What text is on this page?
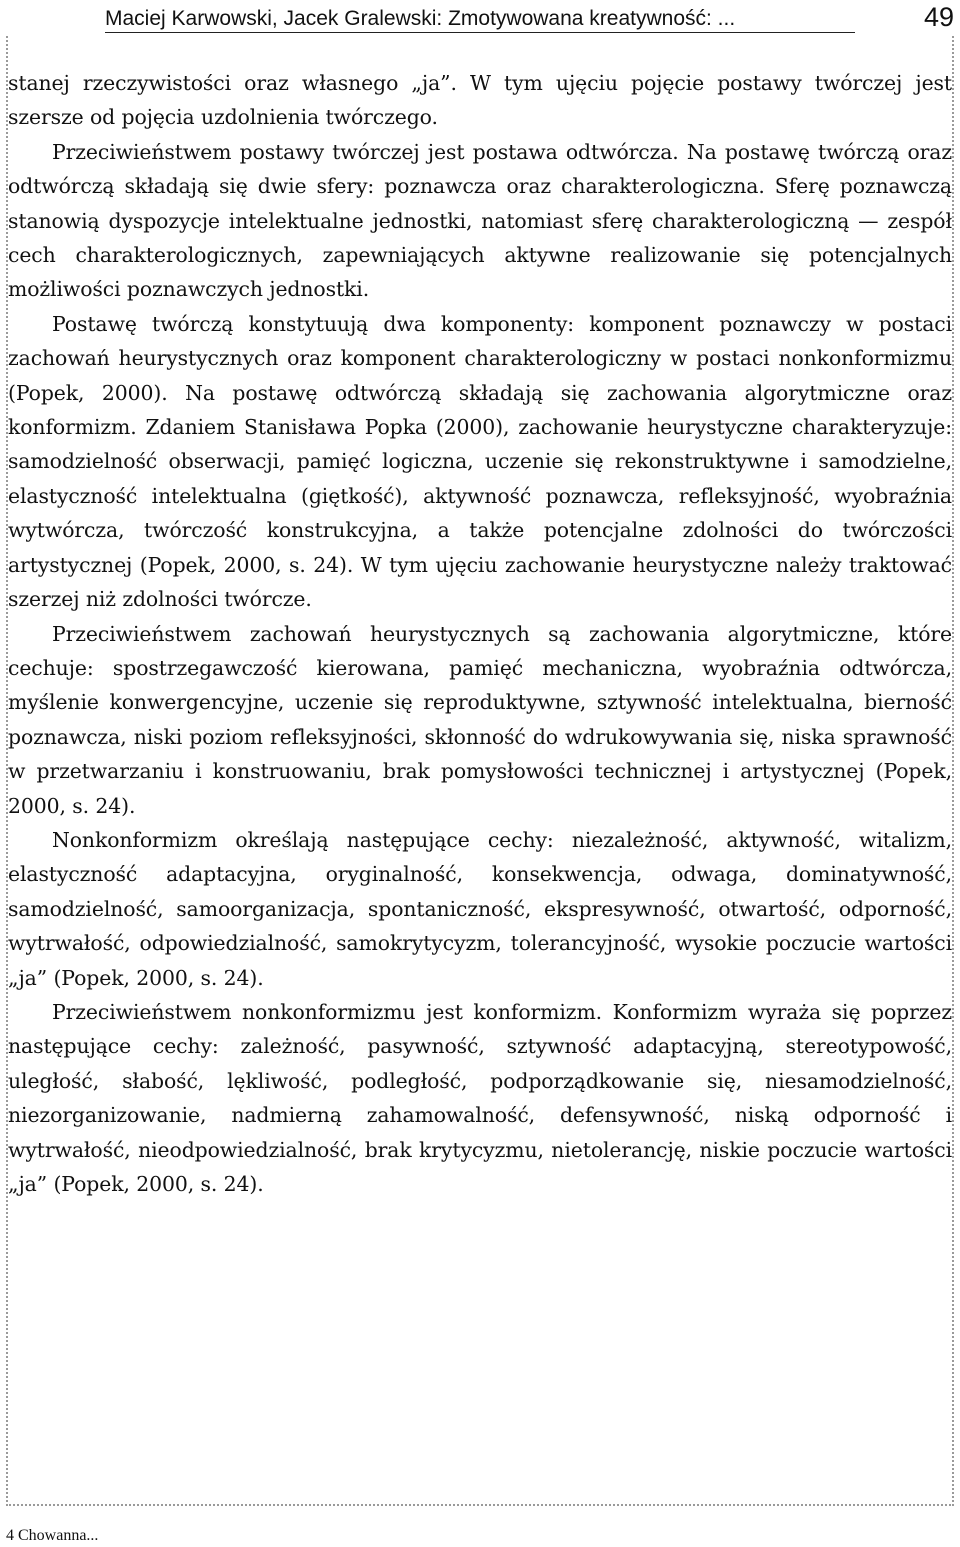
Maciej Karwowski, Jacek Gralewski: Zmotywowana kreatywność: ...	49

stanej rzeczywistości oraz własnego „ja”. W tym ujęciu pojęcie postawy twórczej jest szersze od pojęcia uzdolnienia twórczego.

Przeciwieństwem postawy twórczej jest postawa odtwórcza. Na postawę twórczą oraz odtwórczą składają się dwie sfery: poznawcza oraz charakterologiczna. Sferę poznawczą stanowią dyspozycje intelektualne jednostki, natomiast sferę charakterologiczną — zespół cech charakterologicznych, zapewniających aktywne realizowanie się potencjalnych możliwości poznawczych jednostki.

Postawę twórczą konstytuują dwa komponenty: komponent poznawczy w postaci zachowań heurystycznych oraz komponent charakterologiczny w postaci nonkonformizmu (Popek, 2000). Na postawę odtwórczą składają się zachowania algorytmiczne oraz konformizm. Zdaniem Stanisława Popka (2000), zachowanie heurystyczne charakteryzuje: samodzielność obserwacji, pamięć logiczna, uczenie się rekonstruktywne i samodzielne, elastyczność intelektualna (giętkość), aktywność poznawcza, refleksyjność, wyobraźnia wytwórcza, twórczość konstrukcyjna, a także potencjalne zdolności do twórczości artystycznej (Popek, 2000, s. 24). W tym ujęciu zachowanie heurystyczne należy traktować szerzej niż zdolności twórcze.

Przeciwieństwem zachowań heurystycznych są zachowania algorytmiczne, które cechuje: spostrzegawczość kierowana, pamięć mechaniczna, wyobraźnia odtwórcza, myślenie konwergencyjne, uczenie się reproduktywne, sztywność intelektualna, bierność poznawcza, niski poziom refleksyjności, skłonność do wdrukowywania się, niska sprawność w przetwarzaniu i konstruowaniu, brak pomysłowości technicznej i artystycznej (Popek, 2000, s. 24).

Nonkonformizm określają następujące cechy: niezależność, aktywność, witalizm, elastyczność adaptacyjna, oryginalność, konsekwencja, odwaga, dominatywność, samodzielność, samoorganizacja, spontaniczność, ekspresywność, otwartość, odporność, wytrwałość, odpowiedzialność, samokrytycyzm, tolerancyjność, wysokie poczucie wartości „ja” (Popek, 2000, s. 24).

Przeciwieństwem nonkonformizmu jest konformizm. Konformizm wyraża się poprzez następujące cechy: zależność, pasywność, sztywność adaptacyjną, stereotypowość, uległość, słabość, lękliwość, podległość, podporządkowanie się, niesamodzielność, niezorganizowanie, nadmierną zahamowalność, defensywność, niską odporność i wytrwałość, nieodpowiedzialność, brak krytycyzmu, nietolerancję, niskie poczucie wartości „ja” (Popek, 2000, s. 24).

4 Chowanna...
